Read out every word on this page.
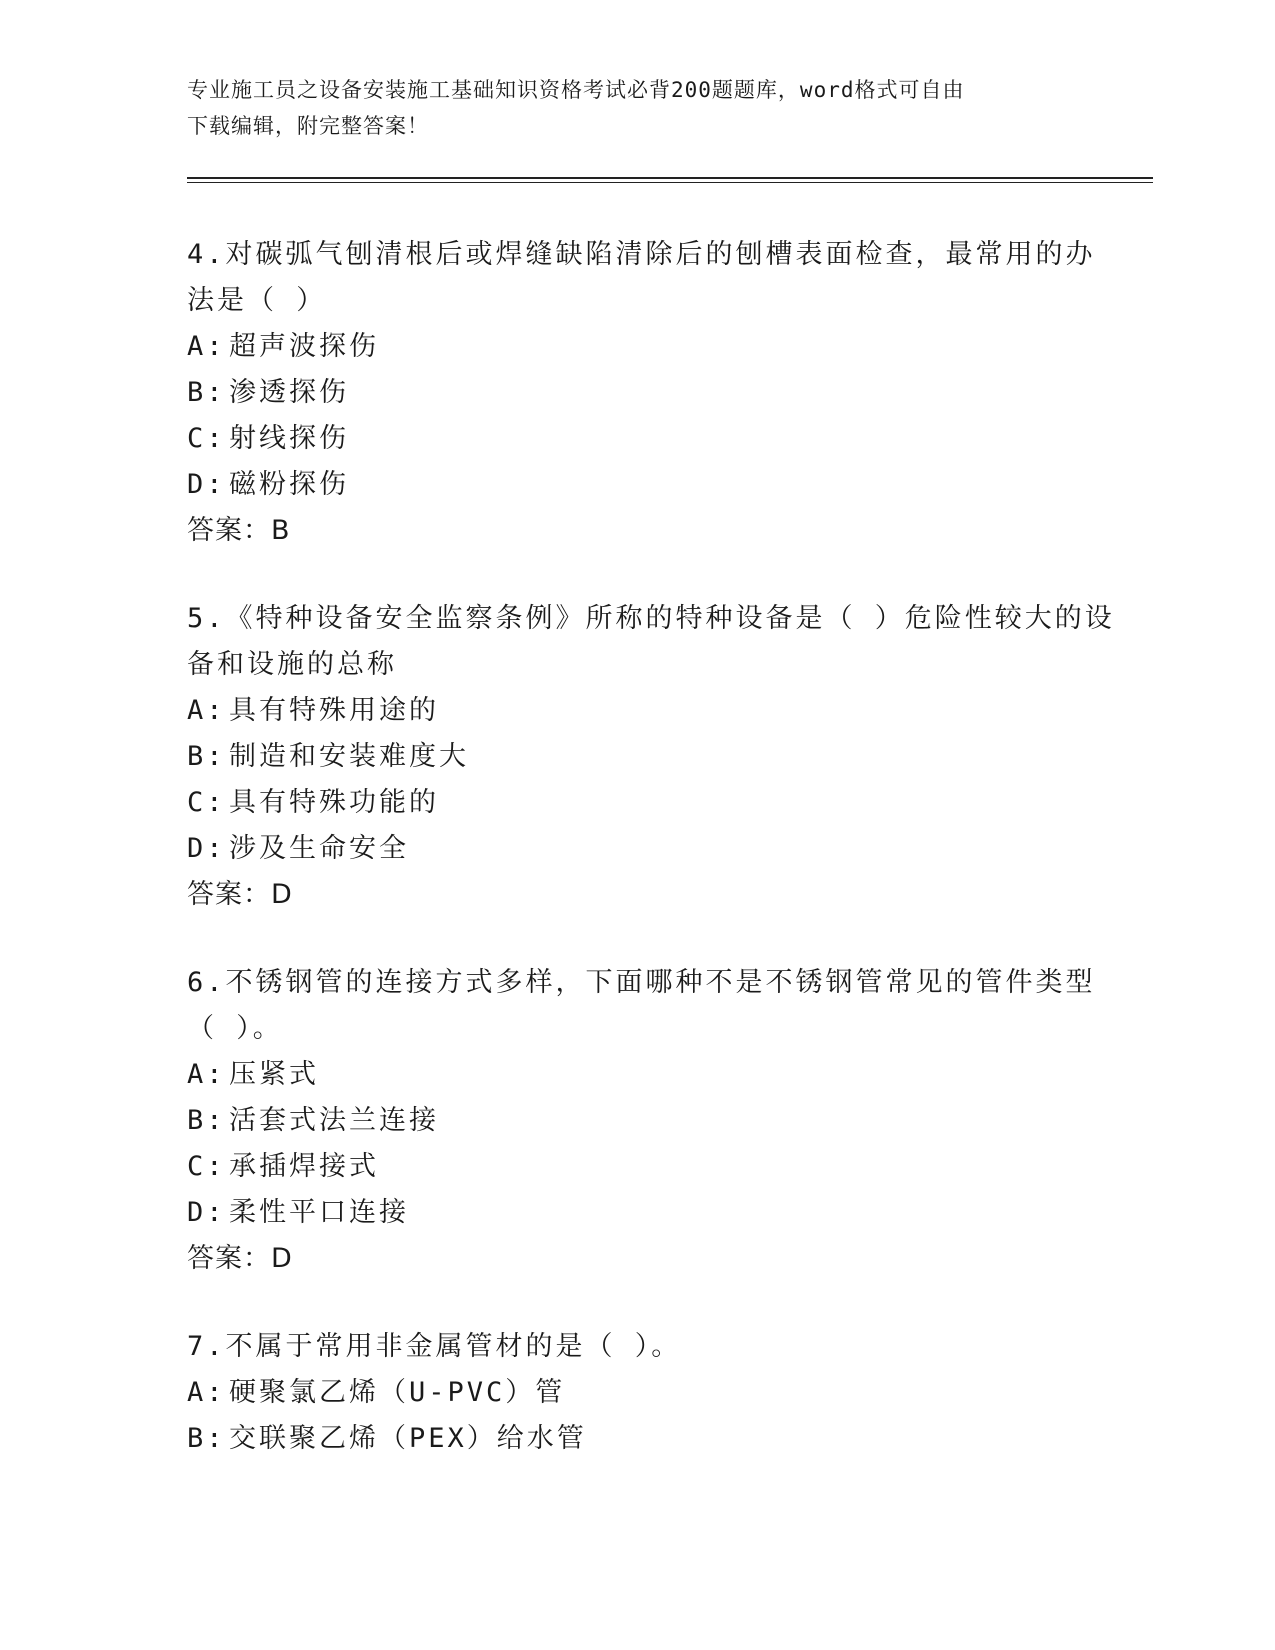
专业施工员之设备安装施工基础知识资格考试必背200题题库，word格式可自由
下载编辑，附完整答案！
4.对碳弧气刨清根后或焊缝缺陷清除后的刨槽表面检查，最常用的办
法是（ ）
A: 超声波探伤
B: 渗透探伤
C: 射线探伤
D: 磁粉探伤
答案：B
5.《特种设备安全监察条例》所称的特种设备是（ ）危险性较大的设
备和设施的总称
A: 具有特殊用途的
B: 制造和安装难度大
C: 具有特殊功能的
D: 涉及生命安全
答案：D
6.不锈钢管的连接方式多样，下面哪种不是不锈钢管常见的管件类型
（ ）。
A: 压紧式
B: 活套式法兰连接
C: 承插焊接式
D: 柔性平口连接
答案：D
7.不属于常用非金属管材的是（ ）。
A: 硬聚氯乙烯（U-PVC）管
B: 交联聚乙烯（PEX）给水管
